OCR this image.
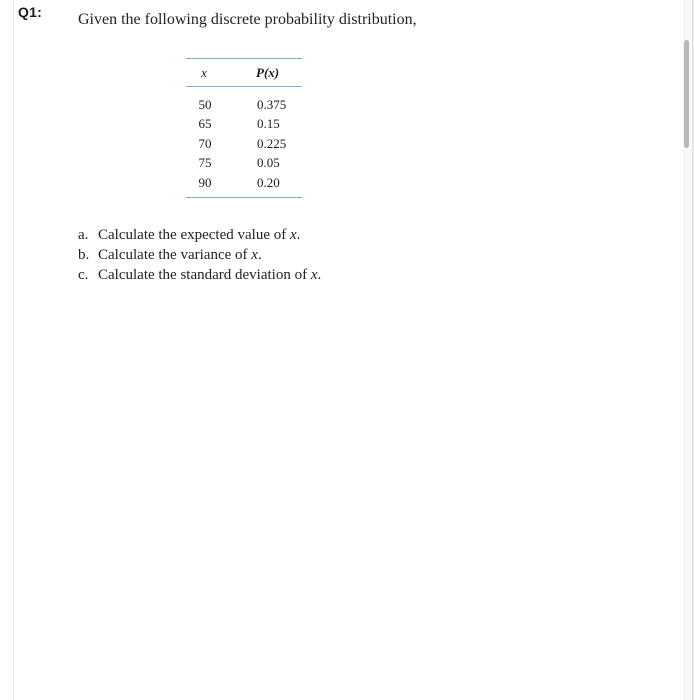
Q1: Given the following discrete probability distribution,
x	P(x)
50	0.375
65	0.15
70	0.225
75	0.05
90	0.20
a. Calculate the expected value of x.
b. Calculate the variance of x.
c. Calculate the standard deviation of x.
